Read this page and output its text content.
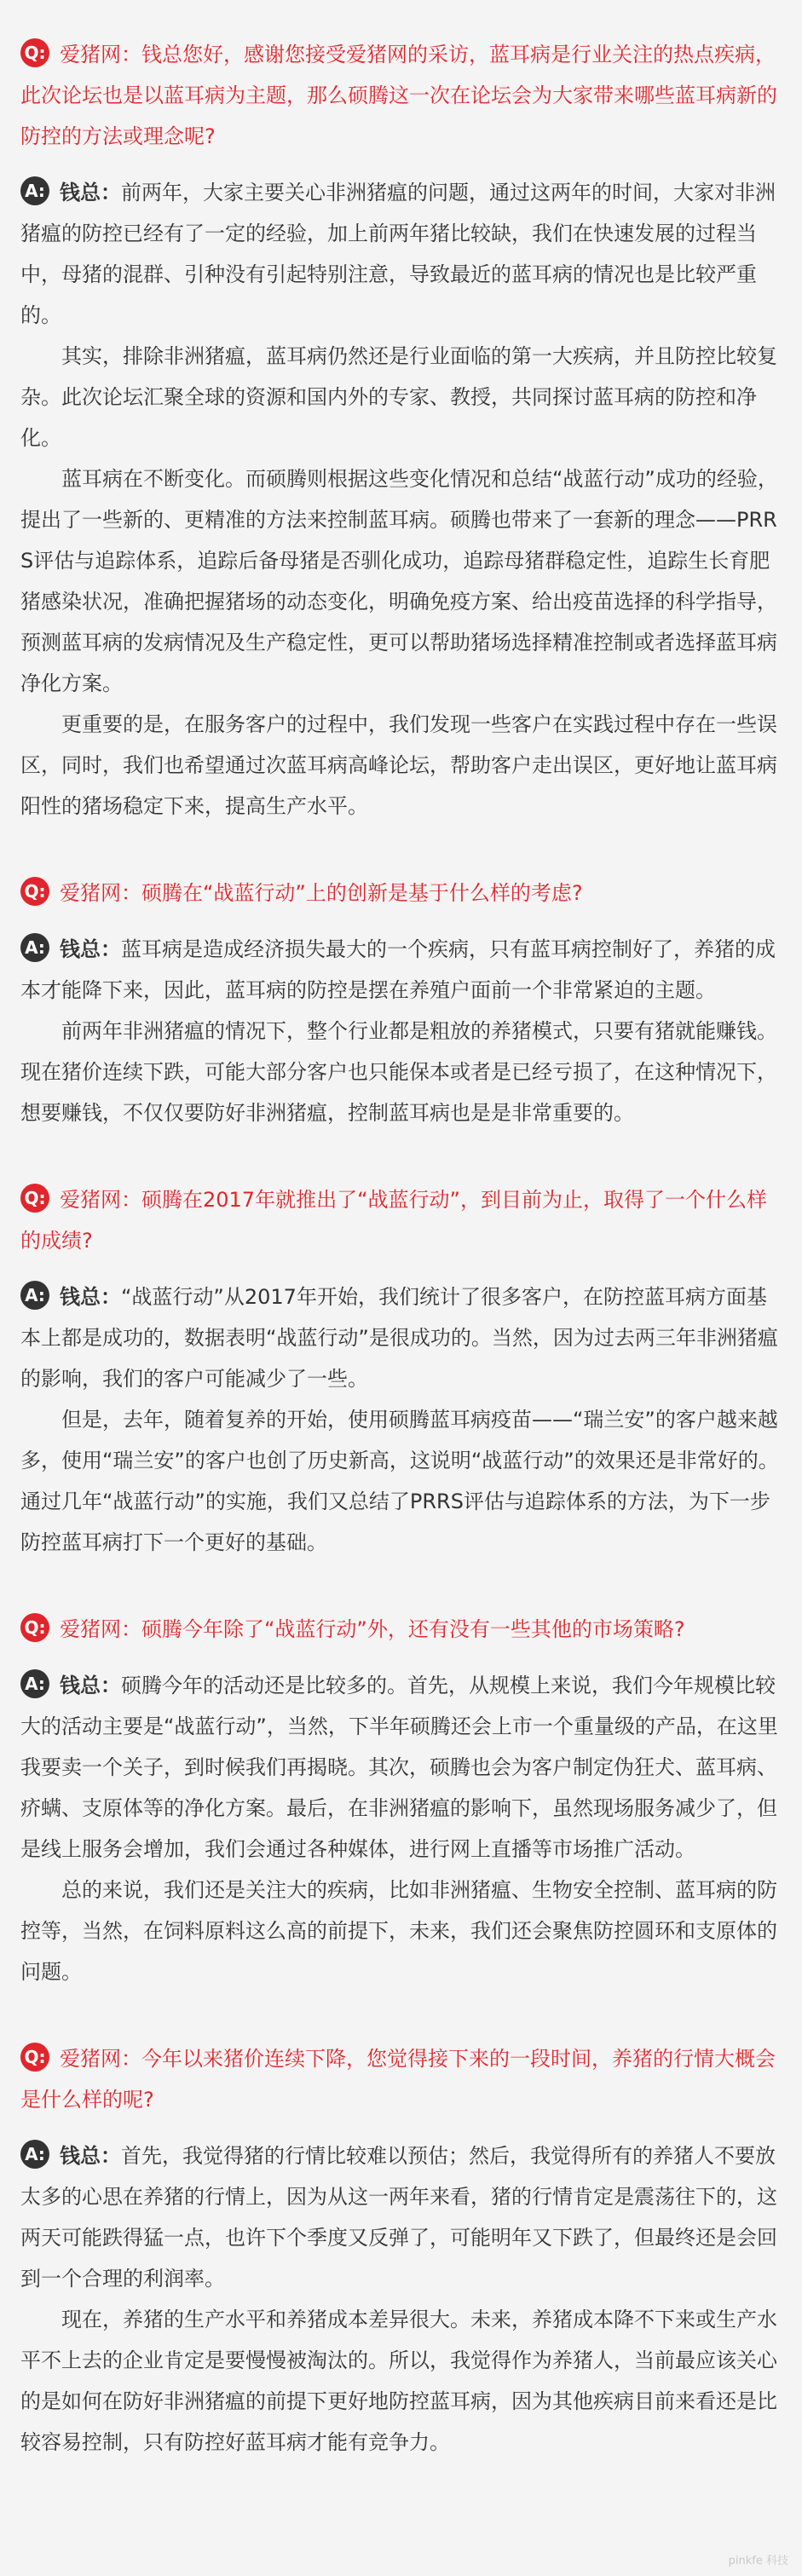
Q: 爱猪网：钱总您好，感谢您接受爱猪网的采访，蓝耳病是行业关注的热点疾病，此次论坛也是以蓝耳病为主题，那么硕腾这一次在论坛会为大家带来哪些蓝耳病新的防控的方法或理念呢?

A: 钱总：前两年，大家主要关心非洲猪瘟的问题，通过这两年的时间，大家对非洲猪瘟的防控已经有了一定的经验，加上前两年猪比较缺，我们在快速发展的过程当中，母猪的混群、引种没有引起特别注意，导致最近的蓝耳病的情况也是比较严重的。

其实，排除非洲猪瘟，蓝耳病仍然还是行业面临的第一大疾病，并且防控比较复杂。此次论坛汇聚全球的资源和国内外的专家、教授，共同探讨蓝耳病的防控和净化。

蓝耳病在不断变化。而硕腾则根据这些变化情况和总结“战蓝行动”成功的经验，提出了一些新的、更精准的方法来控制蓝耳病。硕腾也带来了一套新的理念——PRRS评估与追踪体系，追踪后备母猪是否驯化成功，追踪母猪群稳定性，追踪生长育肥猪感染状况，准确把握猪场的动态变化，明确免疫方案、给出疫苗选择的科学指导，预测蓝耳病的发病情况及生产稳定性，更可以帮助猪场选择精准控制或者选择蓝耳病净化方案。

更重要的是，在服务客户的过程中，我们发现一些客户在实践过程中存在一些误区，同时，我们也希望通过次蓝耳病高峰论坛，帮助客户走出误区，更好地让蓝耳病阳性的猪场稳定下来，提高生产水平。

Q: 爱猪网：硕腾在“战蓝行动”上的创新是基于什么样的考虑?

A: 钱总：蓝耳病是造成经济损失最大的一个疾病，只有蓝耳病控制好了，养猪的成本才能降下来，因此，蓝耳病的防控是摆在养殖户面前一个非常紧迫的主题。

前两年非洲猪瘟的情况下，整个行业都是粗放的养猪模式，只要有猪就能赚钱。现在猪价连续下跌，可能大部分客户也只能保本或者是已经亏损了，在这种情况下，想要赚钱，不仅仅要防好非洲猪瘟，控制蓝耳病也是是非常重要的。

Q: 爱猪网：硕腾在2017年就推出了“战蓝行动”，到目前为止，取得了一个什么样的成绩?

A: 钱总：“战蓝行动”从2017年开始，我们统计了很多客户，在防控蓝耳病方面基本上都是成功的，数据表明“战蓝行动”是很成功的。当然，因为过去两三年非洲猪瘟的影响，我们的客户可能减少了一些。

但是，去年，随着复养的开始，使用硕腾蓝耳病疫苗——“瑞兰安”的客户越来越多，使用“瑞兰安”的客户也创了历史新高，这说明“战蓝行动”的效果还是非常好的。通过几年“战蓝行动”的实施，我们又总结了PRRS评估与追踪体系的方法，为下一步防控蓝耳病打下一个更好的基础。

Q: 爱猪网：硕腾今年除了“战蓝行动”外，还有没有一些其他的市场策略?

A: 钱总：硕腾今年的活动还是比较多的。首先，从规模上来说，我们今年规模比较大的活动主要是“战蓝行动”，当然，下半年硕腾还会上市一个重量级的产品，在这里我要卖一个关子，到时候我们再揭晓。其次，硕腾也会为客户制定伪狂犬、蓝耳病、疥螨、支原体等的净化方案。最后，在非洲猪瘟的影响下，虽然现场服务减少了，但是线上服务会增加，我们会通过各种媒体，进行网上直播等市场推广活动。

总的来说，我们还是关注大的疾病，比如非洲猪瘟、生物安全控制、蓝耳病的防控等，当然，在饲料原料这么高的前提下，未来，我们还会聚焦防控圆环和支原体的问题。

Q: 爱猪网：今年以来猪价连续下降，您觉得接下来的一段时间，养猪的行情大概会是什么样的呢?

A: 钱总：首先，我觉得猪的行情比较难以预估；然后，我觉得所有的养猪人不要放太多的心思在养猪的行情上，因为从这一两年来看，猪的行情肯定是震荡往下的，这两天可能跌得猛一点，也许下个季度又反弹了，可能明年又下跌了，但最终还是会回到一个合理的利润率。

现在，养猪的生产水平和养猪成本差异很大。未来，养猪成本降不下来或生产水平不上去的企业肯定是要慢慢被淘汰的。所以，我觉得作为养猪人，当前最应该关心的是如何在防好非洲猪瘟的前提下更好地防控蓝耳病，因为其他疾病目前来看还是比较容易控制，只有防控好蓝耳病才能有竞争力。

pinkfe 科技
